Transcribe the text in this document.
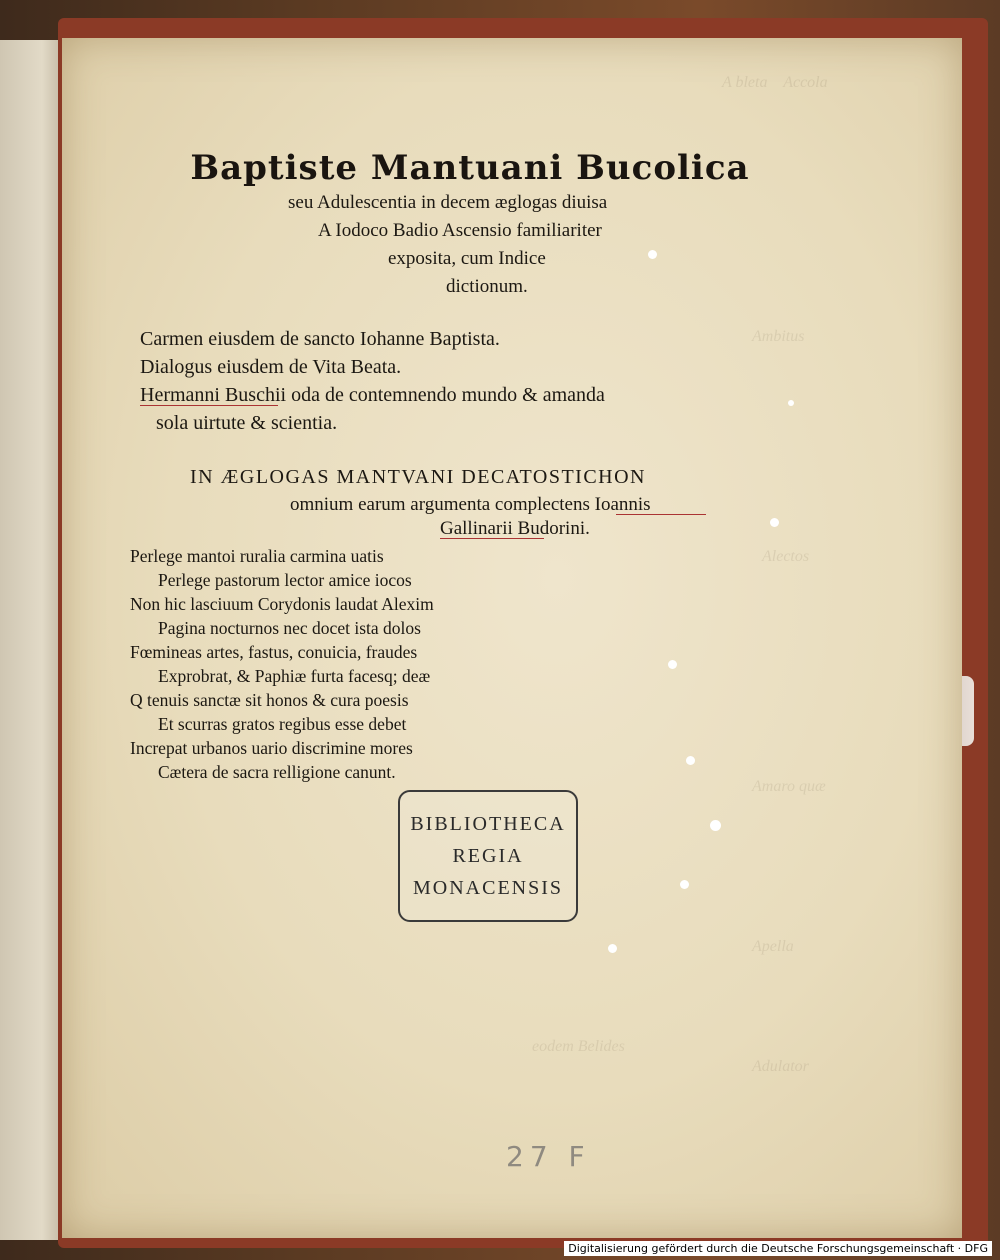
A bleta    Accola
Ambitus
Alectos
Amaro quæ
Apella
Adulator
eodem Belides
Baptiste Mantuani Bucolica
seu Adulescentia in decem æglogas diuisa
A Iodoco Badio Ascensio familiariter
exposita, cum Indice
dictionum.
Carmen eiusdem de sancto Iohanne Baptista.
Dialogus eiusdem de Vita Beata.
Hermanni Buschii oda de contemnendo mundo & amanda
sola uirtute & scientia.
IN ÆGLOGAS MANTVANI DECATOSTICHON
omnium earum argumenta complectens Ioannis
Gallinarii Budorini.
Perlege mantoi ruralia carmina uatis
Perlege pastorum lector amice iocos
Non hic lasciuum Corydonis laudat Alexim
Pagina nocturnos nec docet ista dolos
Fœmineas artes, fastus, conuicia, fraudes
Exprobrat, & Paphiæ furta facesq; deæ
Q tenuis sanctæ sit honos & cura poesis
Et scurras gratos regibus esse debet
Increpat urbanos uario discrimine mores
Cætera de sacra relligione canunt.
BIBLIOTHECA
REGIA
MONACENSIS
27 F
Digitalisierung gefördert durch die Deutsche Forschungsgemeinschaft · DFG
